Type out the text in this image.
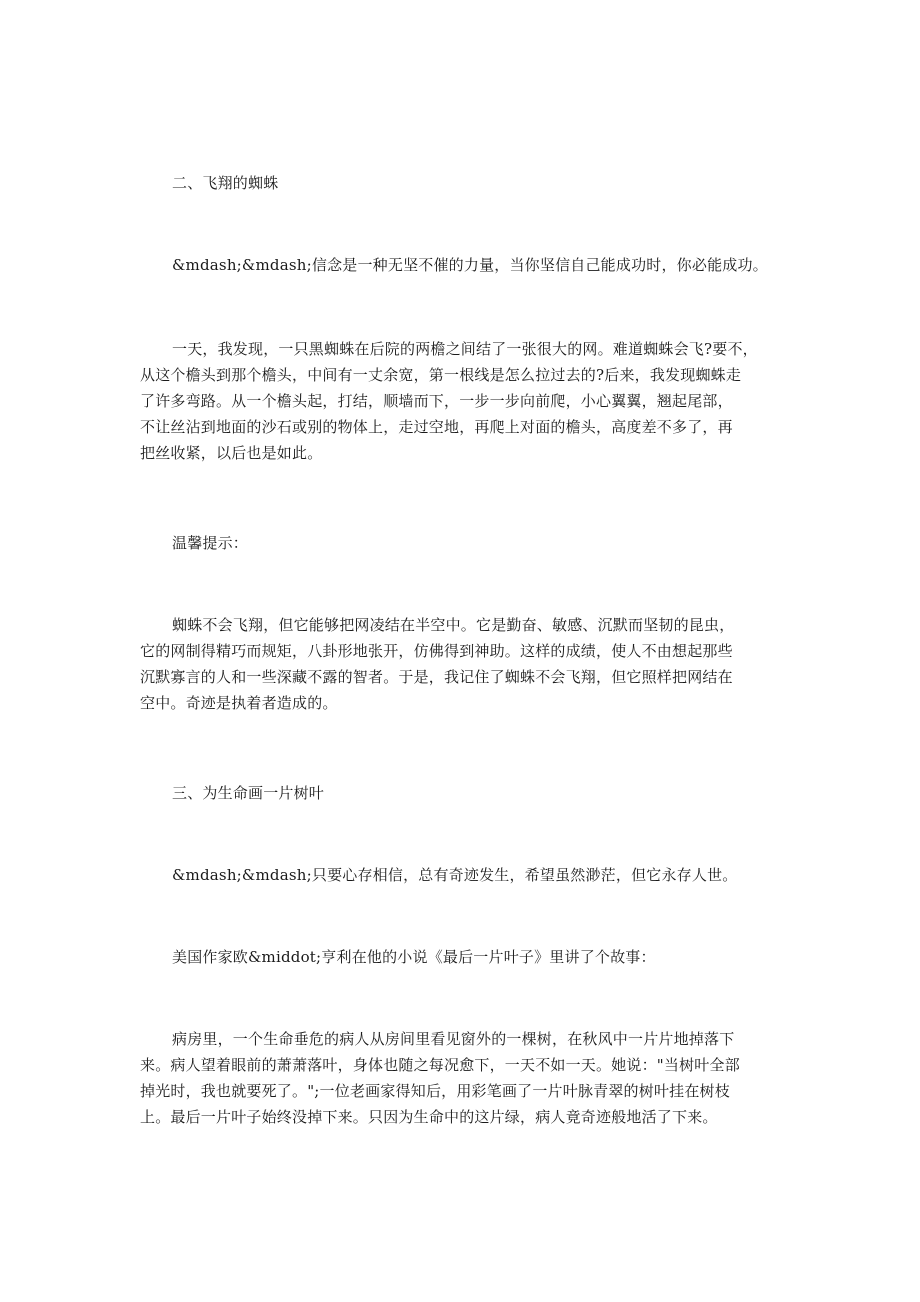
二、飞翔的蜘蛛

&mdash;&mdash;信念是一种无坚不催的力量，当你坚信自己能成功时，你必能成功。

一天，我发现，一只黑蜘蛛在后院的两檐之间结了一张很大的网。难道蜘蛛会飞?要不，
从这个檐头到那个檐头，中间有一丈余宽，第一根线是怎么拉过去的?后来，我发现蜘蛛走
了许多弯路。从一个檐头起，打结，顺墙而下，一步一步向前爬，小心翼翼，翘起尾部，
不让丝沾到地面的沙石或别的物体上，走过空地，再爬上对面的檐头，高度差不多了，再
把丝收紧，以后也是如此。

温馨提示：

蜘蛛不会飞翔，但它能够把网凌结在半空中。它是勤奋、敏感、沉默而坚韧的昆虫，
它的网制得精巧而规矩，八卦形地张开，仿佛得到神助。这样的成绩，使人不由想起那些
沉默寡言的人和一些深藏不露的智者。于是，我记住了蜘蛛不会飞翔，但它照样把网结在
空中。奇迹是执着者造成的。

三、为生命画一片树叶

&mdash;&mdash;只要心存相信，总有奇迹发生，希望虽然渺茫，但它永存人世。

美国作家欧&middot;亨利在他的小说《最后一片叶子》里讲了个故事：

病房里，一个生命垂危的病人从房间里看见窗外的一棵树，在秋风中一片片地掉落下
来。病人望着眼前的萧萧落叶，身体也随之每况愈下，一天不如一天。她说："当树叶全部
掉光时，我也就要死了。";一位老画家得知后，用彩笔画了一片叶脉青翠的树叶挂在树枝
上。最后一片叶子始终没掉下来。只因为生命中的这片绿，病人竟奇迹般地活了下来。
